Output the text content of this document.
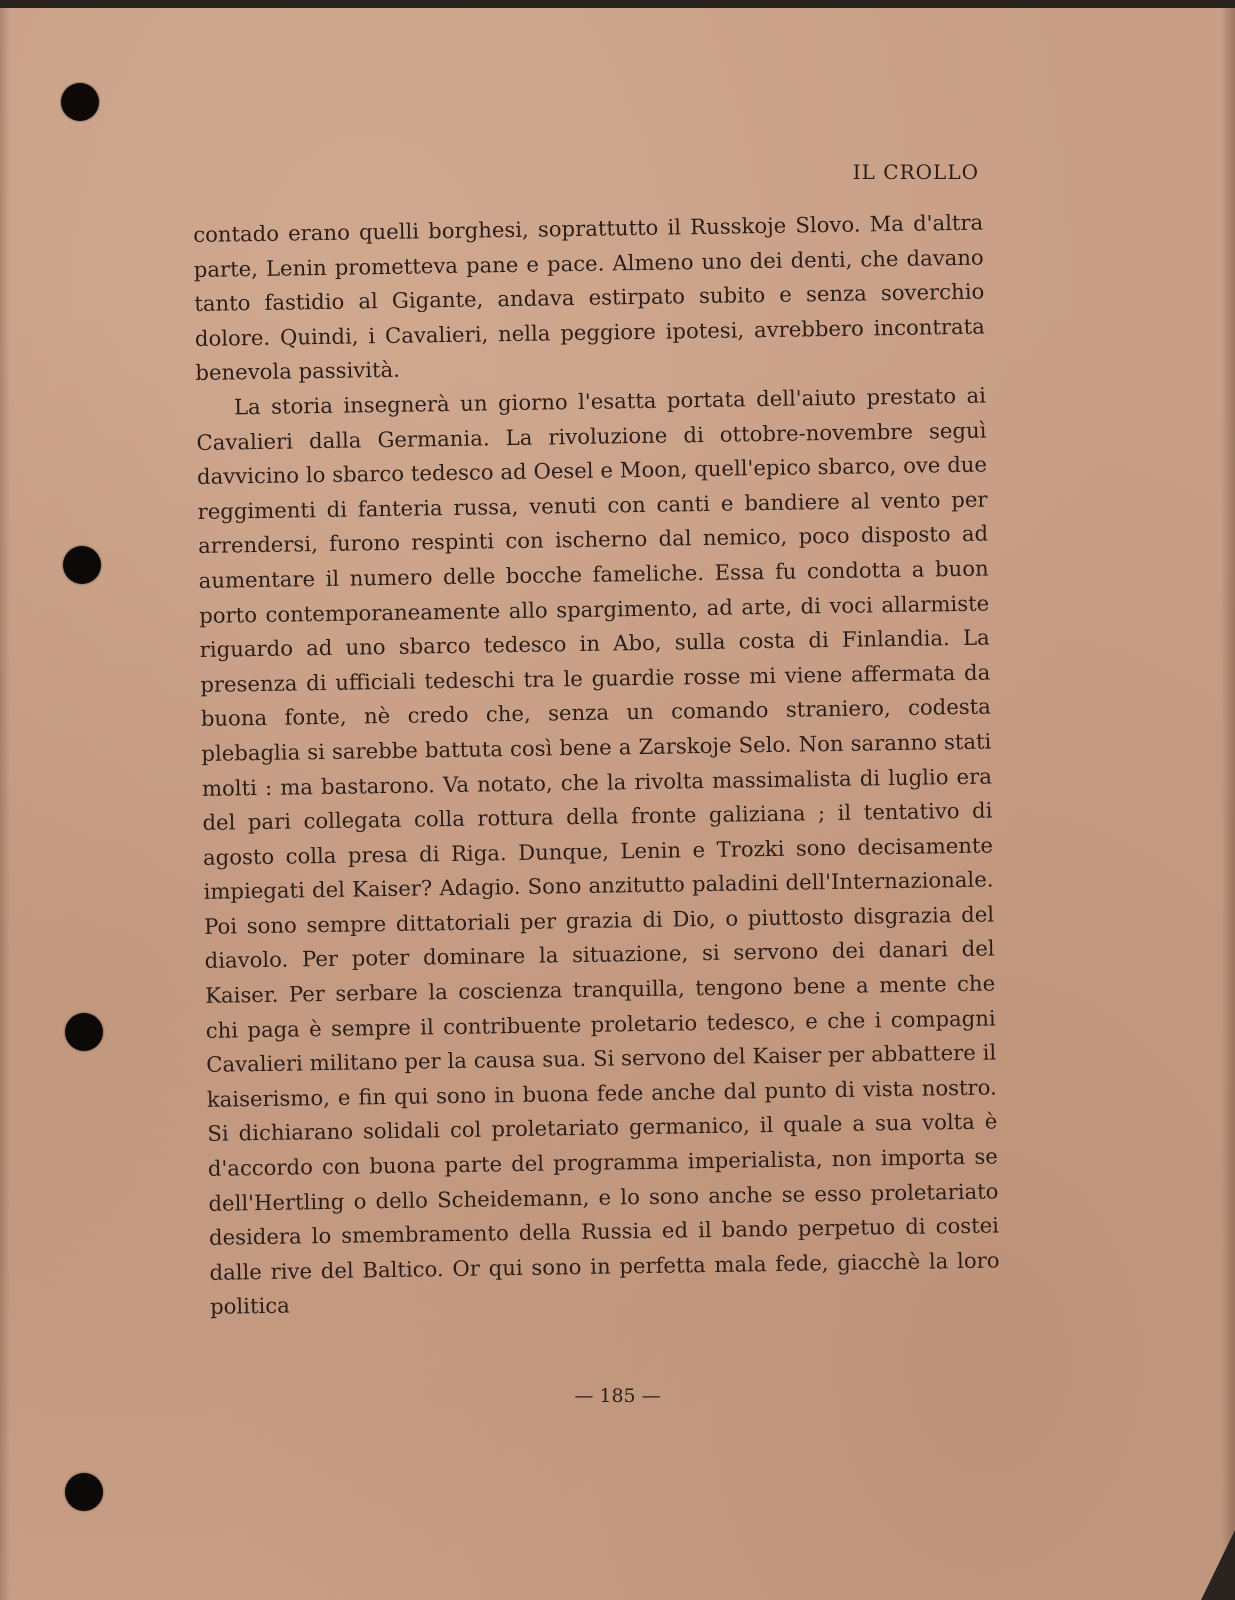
IL CROLLO

contado erano quelli borghesi, soprattutto il Russkoje Slovo. Ma d'altra parte, Lenin prometteva pane e pace. Almeno uno dei denti, che davano tanto fastidio al Gigante, andava estirpato subito e senza soverchio dolore. Quindi, i Cavalieri, nella peggiore ipotesi, avrebbero incontrata benevola passività.

La storia insegnerà un giorno l'esatta portata dell'aiuto prestato ai Cavalieri dalla Germania. La rivoluzione di ottobre-novembre seguì davvicino lo sbarco tedesco ad Oesel e Moon, quell'epico sbarco, ove due reggimenti di fanteria russa, venuti con canti e bandiere al vento per arrendersi, furono respinti con ischerno dal nemico, poco disposto ad aumentare il numero delle bocche fameliche. Essa fu condotta a buon porto contemporaneamente allo spargimento, ad arte, di voci allarmiste riguardo ad uno sbarco tedesco in Abo, sulla costa di Finlandia. La presenza di ufficiali tedeschi tra le guardie rosse mi viene affermata da buona fonte, nè credo che, senza un comando straniero, codesta plebaglia si sarebbe battuta così bene a Zarskoje Selo. Non saranno stati molti : ma bastarono. Va notato, che la rivolta massimalista di luglio era del pari collegata colla rottura della fronte galiziana ; il tentativo di agosto colla presa di Riga. Dunque, Lenin e Trozki sono decisamente impiegati del Kaiser? Adagio. Sono anzitutto paladini dell'Internazionale. Poi sono sempre dittatoriali per grazia di Dio, o piuttosto disgrazia del diavolo. Per poter dominare la situazione, si servono dei danari del Kaiser. Per serbare la coscienza tranquilla, tengono bene a mente che chi paga è sempre il contribuente proletario tedesco, e che i compagni Cavalieri militano per la causa sua. Si servono del Kaiser per abbattere il kaiserismo, e fin qui sono in buona fede anche dal punto di vista nostro. Si dichiarano solidali col proletariato germanico, il quale a sua volta è d'accordo con buona parte del programma imperialista, non importa se dell'Hertling o dello Scheidemann, e lo sono anche se esso proletariato desidera lo smembramento della Russia ed il bando perpetuo di costei dalle rive del Baltico. Or qui sono in perfetta mala fede, giacchè la loro politica

— 185 —
